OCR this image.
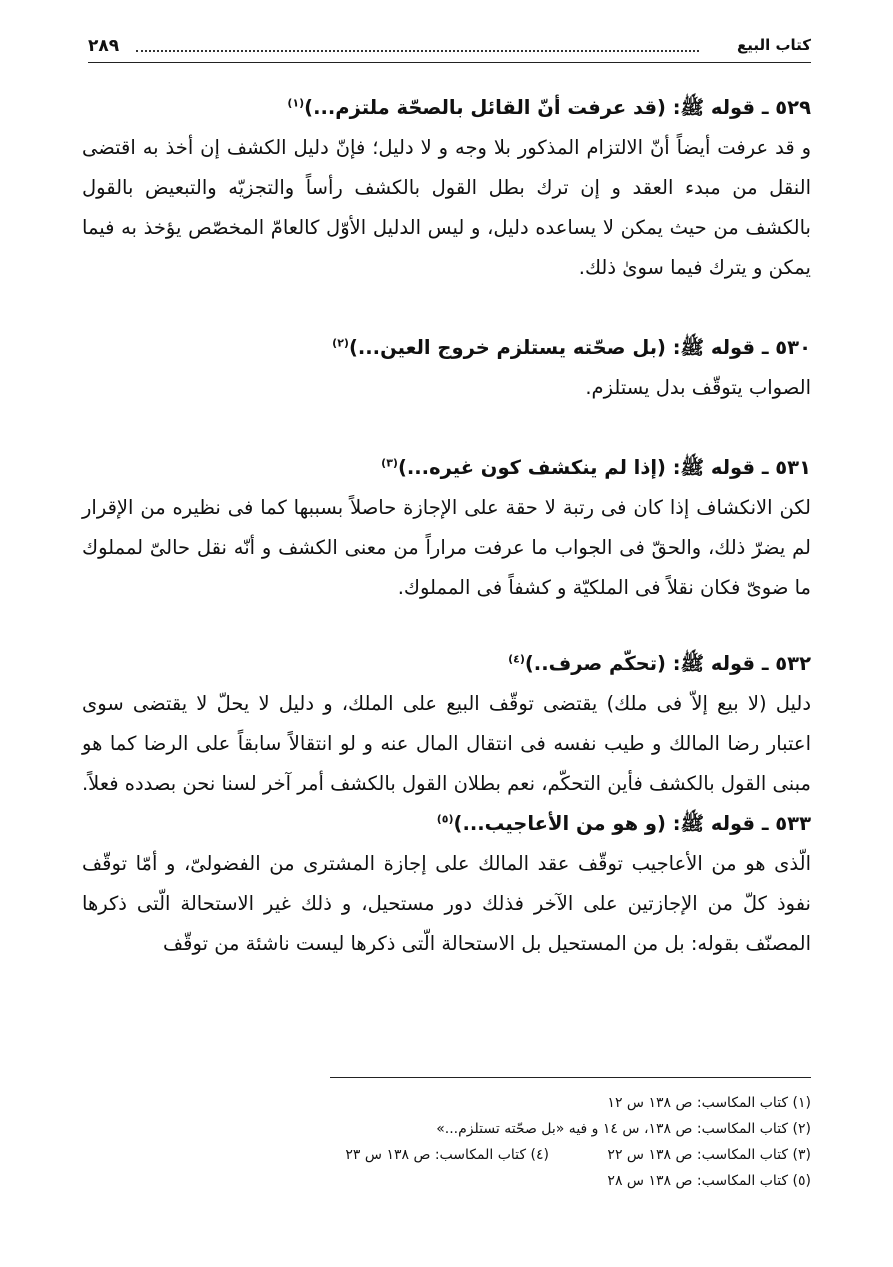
٢٨٩	كتاب البيع

٥٢٩ ـ قوله ﷺ: (قد عرفت أنّ القائل بالصحّة ملتزم...)$^{(١)}$

و قد عرفت أيضاً أنّ الالتزام المذكور بلا وجه و لا دليل؛ فإنّ دليل الكشف إن أخذ به اقتضى النقل من مبدء العقد و إن ترك بطل القول بالكشف رأساً والتجزيّه والتبعيض بالقول بالكشف من حيث يمكن لا يساعده دليل، و ليس الدليل الأوّل كالعامّ المخصّص يؤخذ به فيما يمكن و يترك فيما سوىٰ ذلك.

٥٣٠ ـ قوله ﷺ: (بل صحّته يستلزم خروج العين...)$^{(٢)}$

الصواب يتوقّف بدل يستلزم.

٥٣١ ـ قوله ﷺ: (إذا لم ينكشف كون غيره...)$^{(٣)}$

لكن الانكشاف إذا كان فى رتبة لا حقة على الإجازة حاصلاً بسببها كما فى نظيره من الإقرار لم يضرّ ذلك، والحقّ فى الجواب ما عرفت مراراً من معنى الكشف و أنّه نقل حالىّ لمملوك ما ضوىّ فكان نقلاً فى الملكيّة و كشفاً فى المملوك.

٥٣٢ ـ قوله ﷺ: (تحكّم صرف..)$^{(٤)}$

دليل (لا بيع إلاّ فى ملك) يقتضى توقّف البيع على الملك، و دليل لا يحلّ لا يقتضى سوى اعتبار رضا المالك و طيب نفسه فى انتقال المال عنه و لو انتقالاً سابقاً على الرضا كما هو مبنى القول بالكشف فأين التحكّم، نعم بطلان القول بالكشف أمر آخر لسنا نحن بصدده فعلاً.

٥٣٣ ـ قوله ﷺ: (و هو من الأعاجيب...)$^{(٥)}$

الّذى هو من الأعاجيب توقّف عقد المالك على إجازة المشترى من الفضولىّ، و أمّا توقّف نفوذ كلّ من الإجازتين على الآخر فذلك دور مستحيل، و ذلك غير الاستحالة الّتى ذكرها المصنّف بقوله: بل من المستحيل بل الاستحالة الّتى ذكرها ليست ناشئة من توقّف

(١) كتاب المكاسب: ص ١٣٨ س ١٢
(٢) كتاب المكاسب: ص ١٣٨، س ١٤ و فيه «بل صحّته تستلزم...»
(٣) كتاب المكاسب: ص ١٣٨ س ٢٢ (٤) كتاب المكاسب: ص ١٣٨ س ٢٣
(٥) كتاب المكاسب: ص ١٣٨ س ٢٨
